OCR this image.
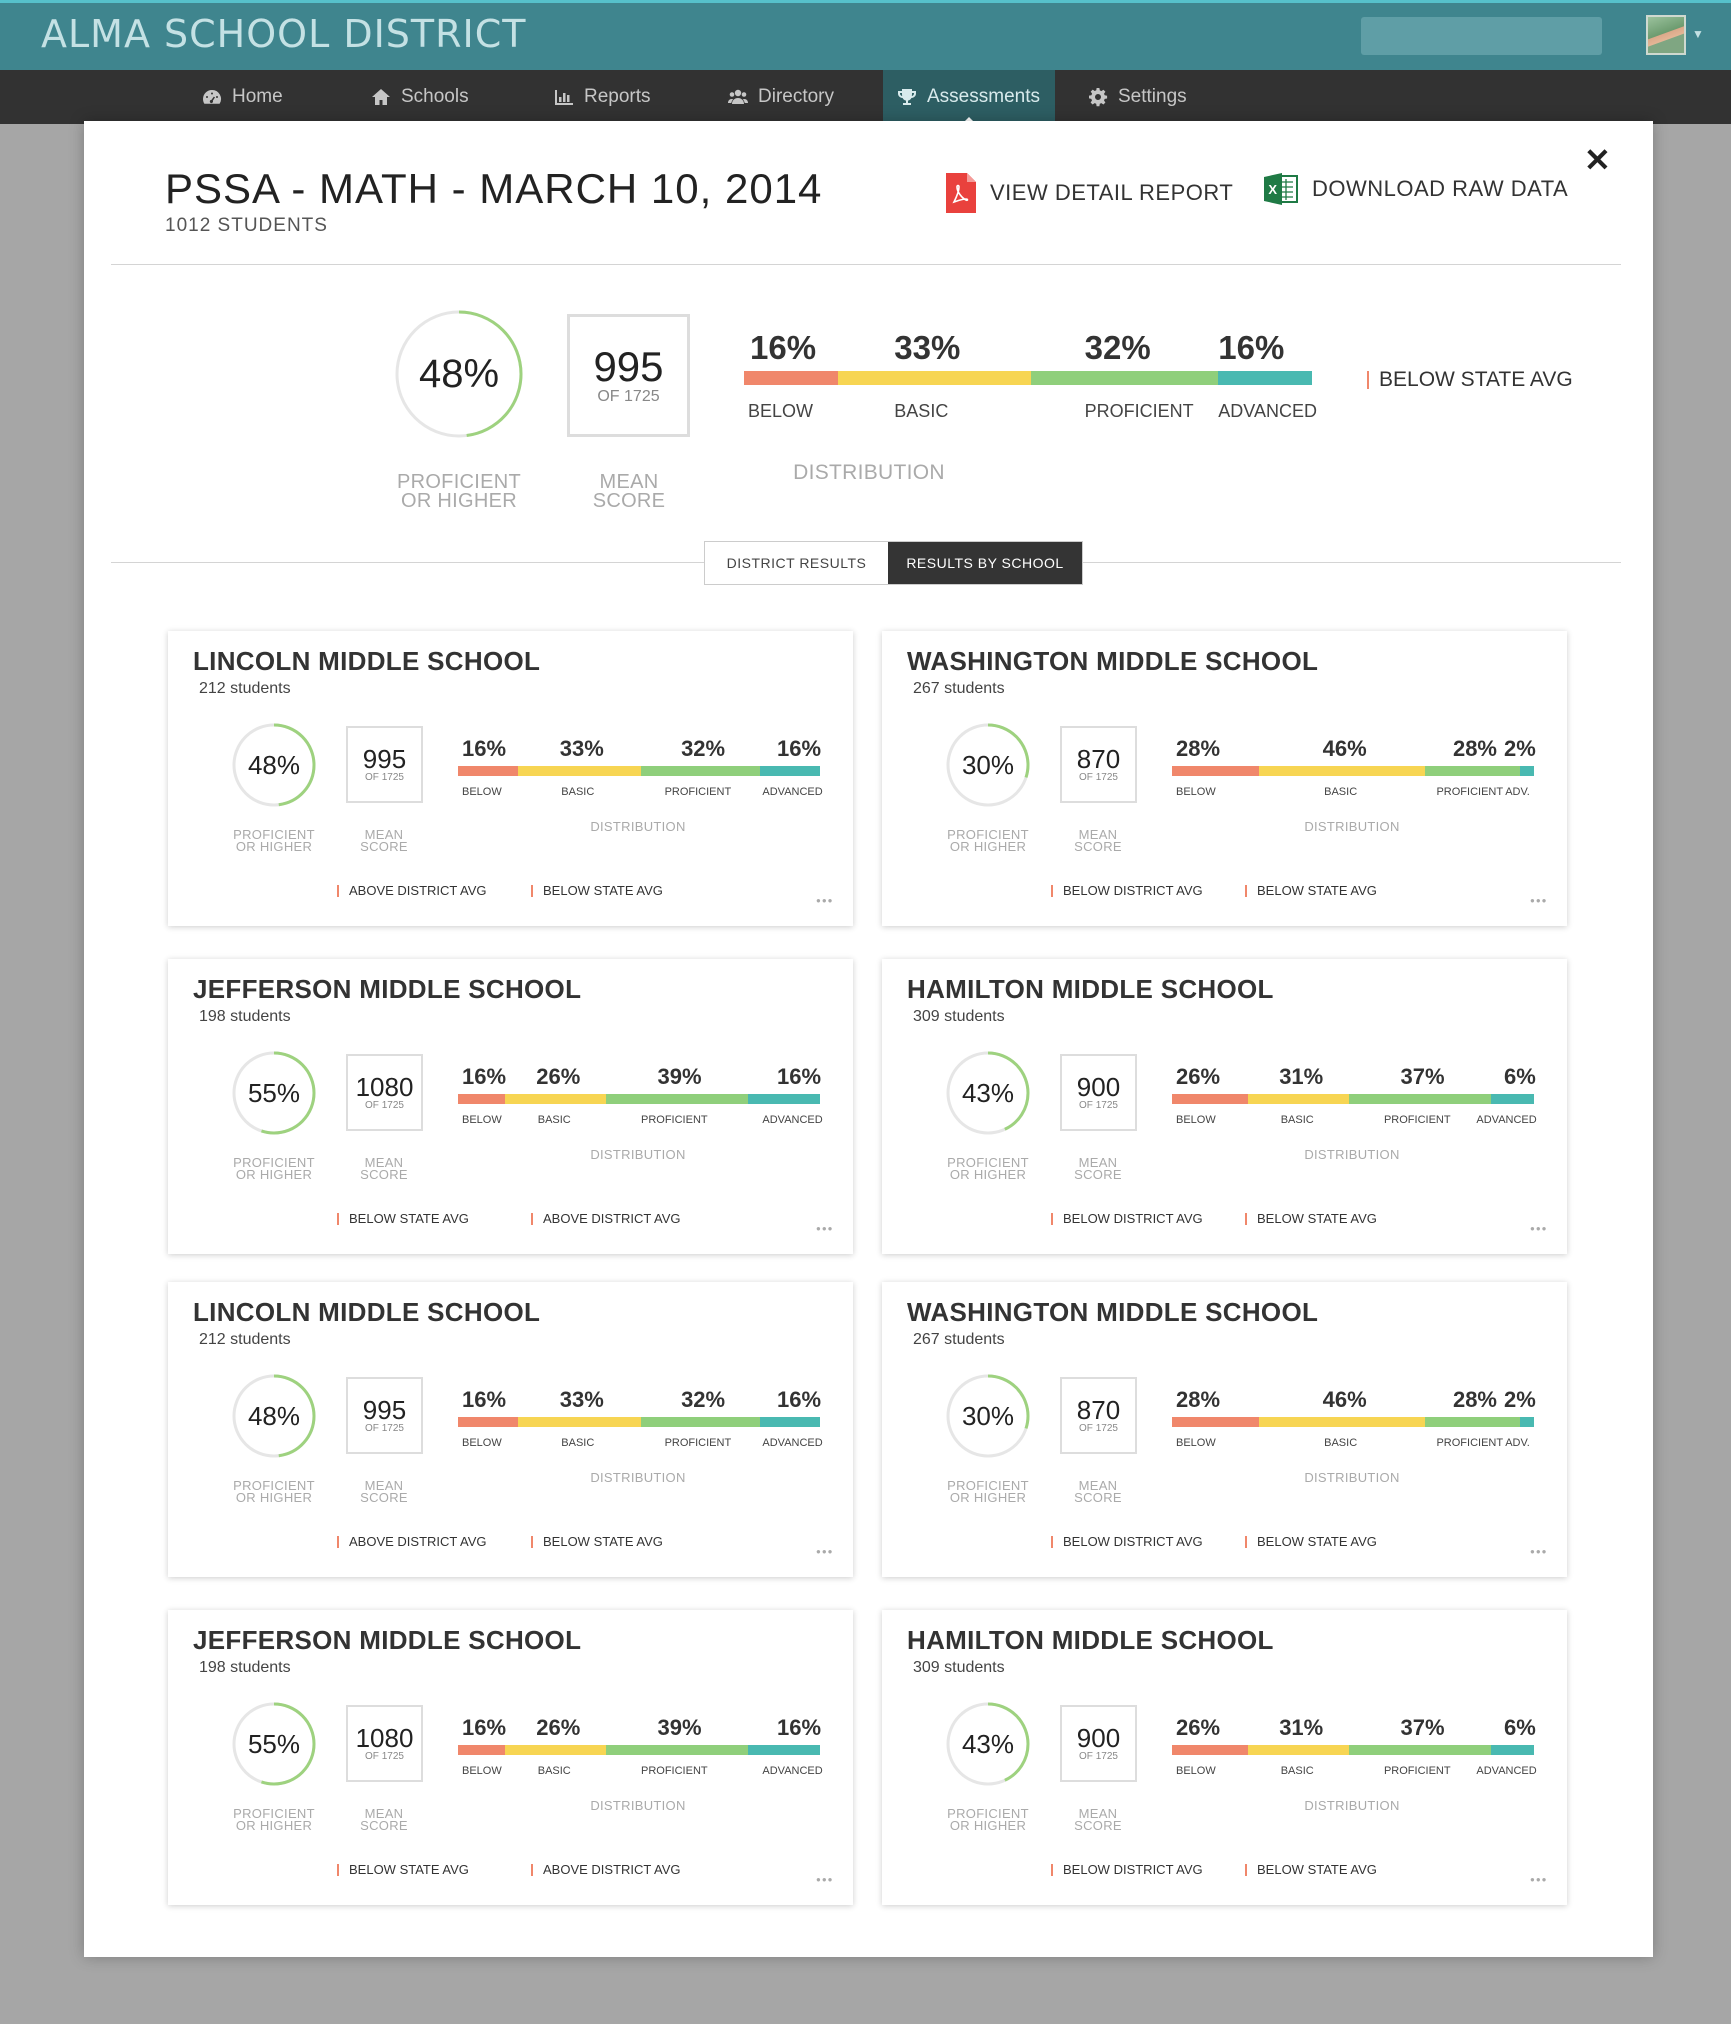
ALMA SCHOOL DISTRICT	▼
Home	Schools	Reports	Directory	Assessments	Settings
✕
PSSA - MATH - MARCH 10, 2014
1012 STUDENTS
VIEW DETAIL REPORT	X DOWNLOAD RAW DATA
48%
PROFICIENT
OR HIGHER
995
OF 1725
MEAN
SCORE
16%
BELOW
33%
BASIC
32%
PROFICIENT
16%
ADVANCED
DISTRIBUTION
BELOW STATE AVG
DISTRICT RESULTS	RESULTS BY SCHOOL
LINCOLN MIDDLE SCHOOL
212 students
48%
PROFICIENT
OR HIGHER
995
OF 1725
MEAN
SCORE
16%
BELOW
33%
BASIC
32%
PROFICIENT
16%
ADVANCED
DISTRIBUTION
ABOVE DISTRICT AVG	BELOW STATE AVG
●●●
WASHINGTON MIDDLE SCHOOL
267 students
30%
PROFICIENT
OR HIGHER
870
OF 1725
MEAN
SCORE
28%
BELOW
46%
BASIC
28%
PROFICIENT
2%
ADV.
DISTRIBUTION
BELOW DISTRICT AVG	BELOW STATE AVG
●●●
JEFFERSON MIDDLE SCHOOL
198 students
55%
PROFICIENT
OR HIGHER
1080
OF 1725
MEAN
SCORE
16%
BELOW
26%
BASIC
39%
PROFICIENT
16%
ADVANCED
DISTRIBUTION
BELOW STATE AVG	ABOVE DISTRICT AVG
●●●
HAMILTON MIDDLE SCHOOL
309 students
43%
PROFICIENT
OR HIGHER
900
OF 1725
MEAN
SCORE
26%
BELOW
31%
BASIC
37%
PROFICIENT
6%
ADVANCED
DISTRIBUTION
BELOW DISTRICT AVG	BELOW STATE AVG
●●●
LINCOLN MIDDLE SCHOOL
212 students
48%
PROFICIENT
OR HIGHER
995
OF 1725
MEAN
SCORE
16%
BELOW
33%
BASIC
32%
PROFICIENT
16%
ADVANCED
DISTRIBUTION
ABOVE DISTRICT AVG	BELOW STATE AVG
●●●
WASHINGTON MIDDLE SCHOOL
267 students
30%
PROFICIENT
OR HIGHER
870
OF 1725
MEAN
SCORE
28%
BELOW
46%
BASIC
28%
PROFICIENT
2%
ADV.
DISTRIBUTION
BELOW DISTRICT AVG	BELOW STATE AVG
●●●
JEFFERSON MIDDLE SCHOOL
198 students
55%
PROFICIENT
OR HIGHER
1080
OF 1725
MEAN
SCORE
16%
BELOW
26%
BASIC
39%
PROFICIENT
16%
ADVANCED
DISTRIBUTION
BELOW STATE AVG	ABOVE DISTRICT AVG
●●●
HAMILTON MIDDLE SCHOOL
309 students
43%
PROFICIENT
OR HIGHER
900
OF 1725
MEAN
SCORE
26%
BELOW
31%
BASIC
37%
PROFICIENT
6%
ADVANCED
DISTRIBUTION
BELOW DISTRICT AVG	BELOW STATE AVG
●●●
